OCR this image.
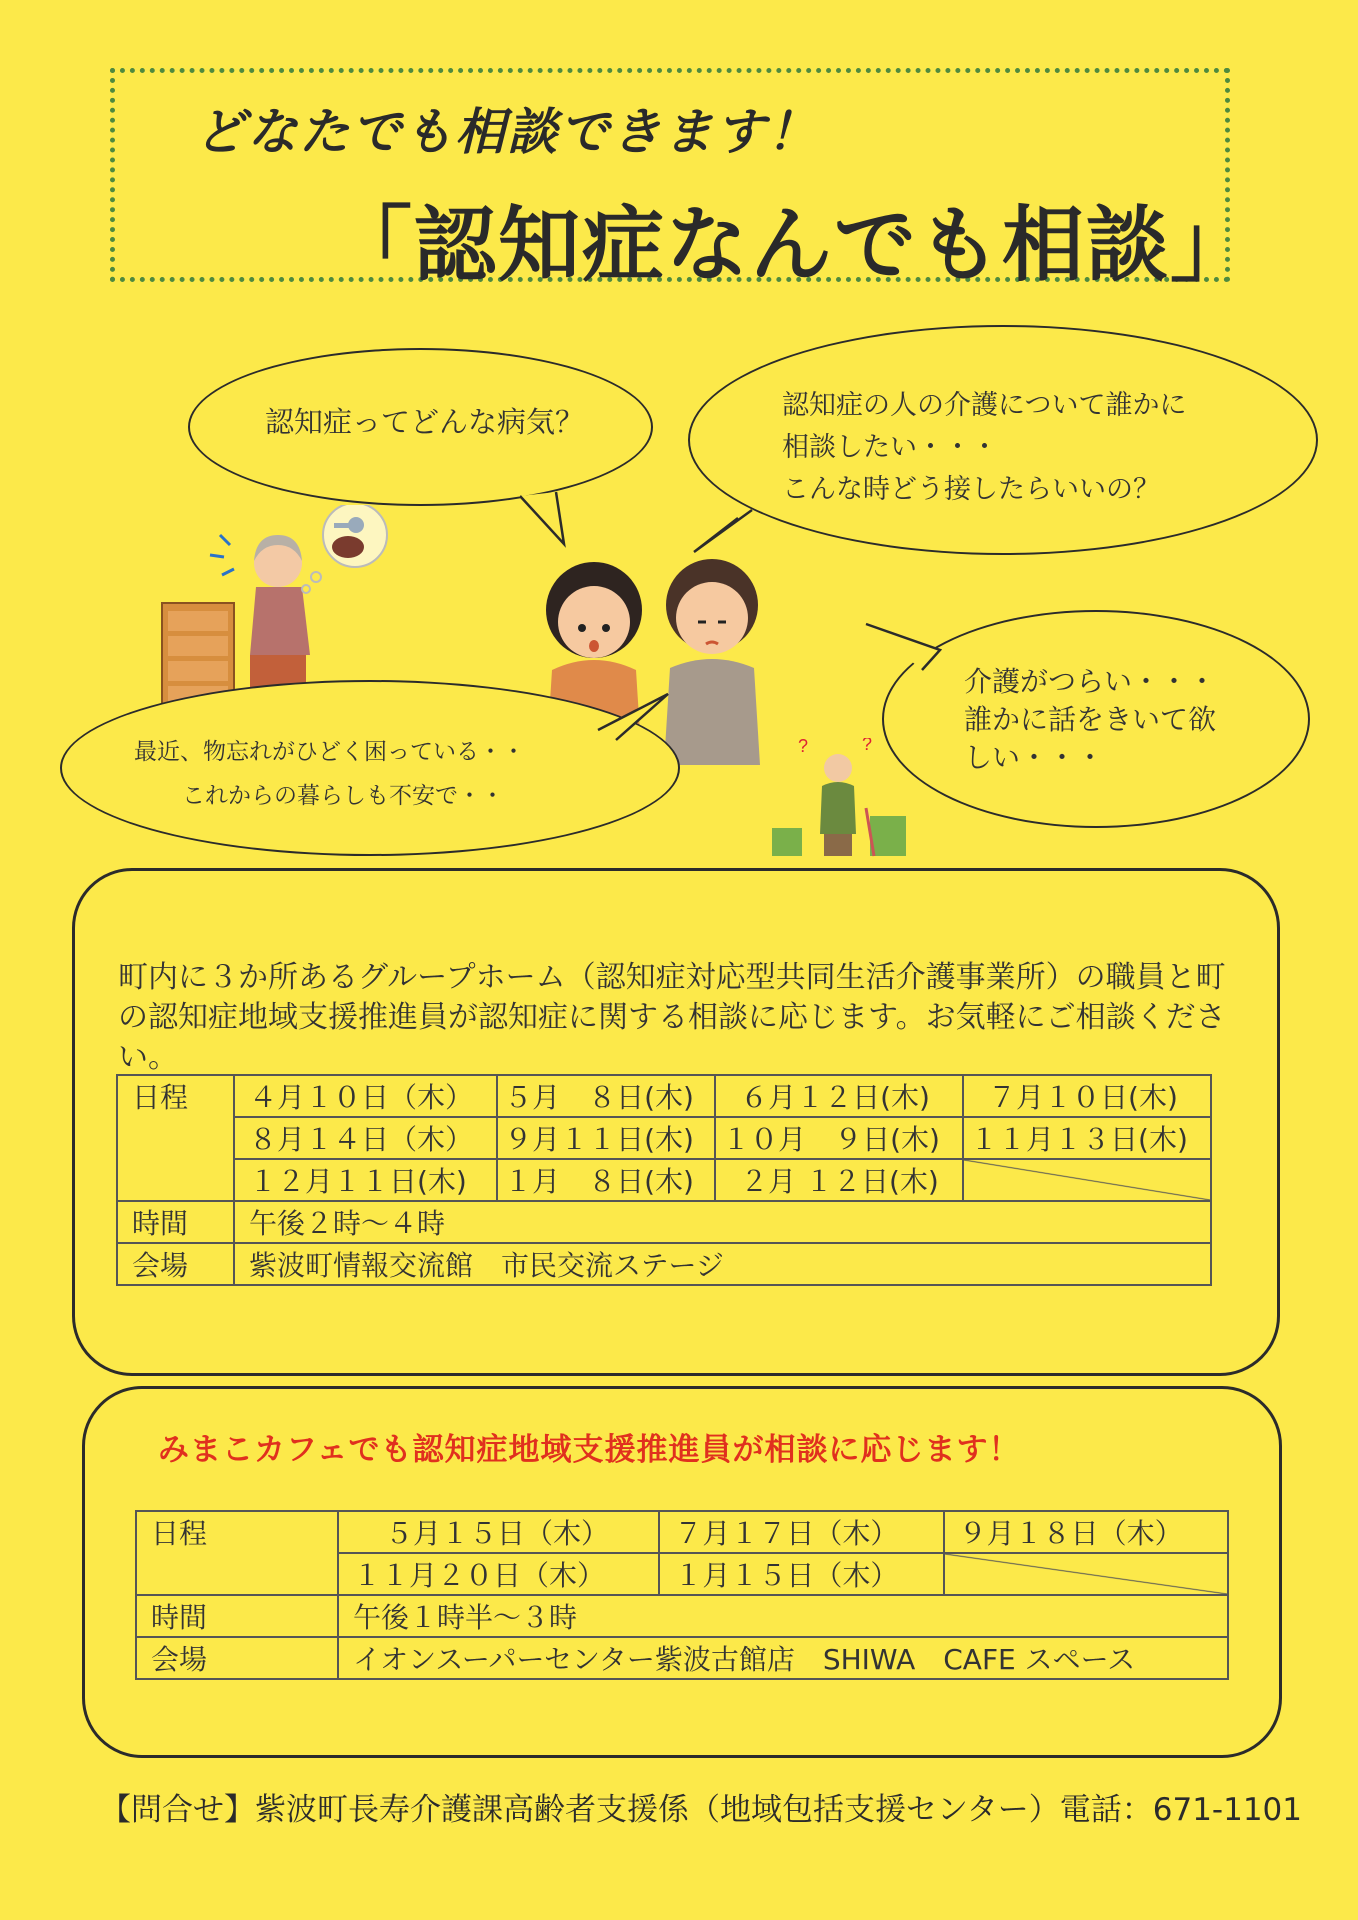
どなたでも相談できます！
「認知症なんでも相談」
認知症ってどんな病気？	認知症の人の介護について誰かに
相談したい・・・
こんな時どう接したらいいの？
最近、物忘れがひどく困っている・・
これからの暮らしも不安で・・
介護がつらい・・・
誰かに話をきいて欲
しい・・・
?	?
町内に３か所あるグループホーム（認知症対応型共同生活介護事業所）の職員と町の認知症地域支援推進員が認知症に関する相談に応じます。お気軽にご相談ください。
日程	４月１０日（木）	５月　８日(木)	６月１２日(木)	７月１０日(木)
	８月１４日（木）	９月１１日(木)	１０月　９日(木)	１１月１３日(木)
	１２月１１日(木)	１月　８日(木)	２月 １２日(木)	
時間	午後２時～４時			
会場	紫波町情報交流館　市民交流ステージ			
みまこカフェでも認知症地域支援推進員が相談に応じます！
日程	５月１５日（木）	７月１７日（木）	９月１８日（木）
	１１月２０日（木）	１月１５日（木）	
時間	午後１時半～３時		
会場	イオンスーパーセンター紫波古館店　SHIWA　CAFE スペース		
【問合せ】紫波町長寿介護課高齢者支援係（地域包括支援センター）電話：671-1101
